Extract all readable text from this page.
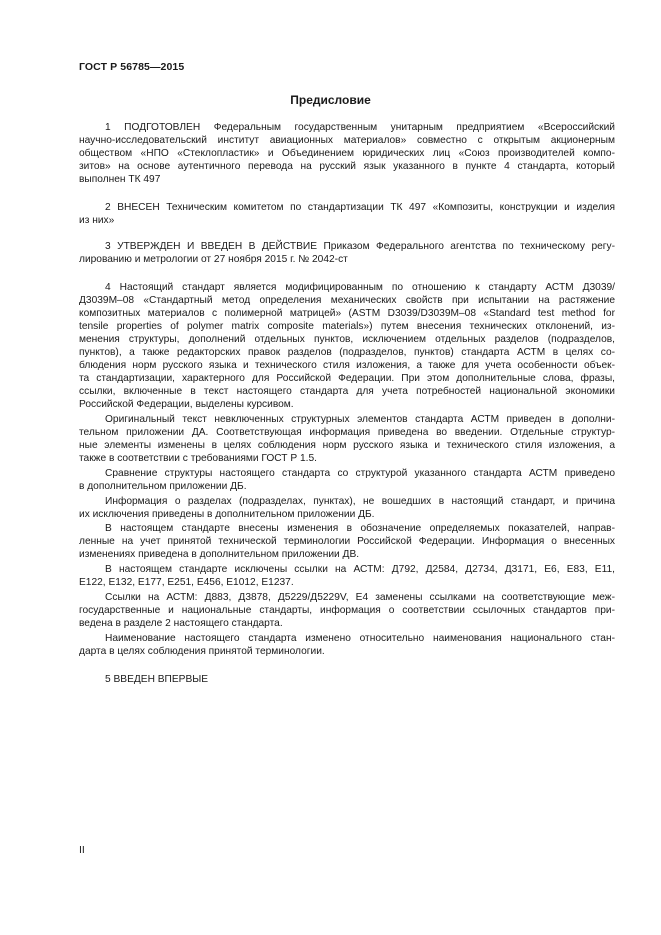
ГОСТ Р 56785—2015
Предисловие
1 ПОДГОТОВЛЕН Федеральным государственным унитарным предприятием «Всероссийский
научно-исследовательский институт авиационных материалов» совместно с открытым акционерным
обществом «НПО «Стеклопластик» и Объединением юридических лиц «Союз производителей компо-
зитов» на основе аутентичного перевода на русский язык указанного в пункте 4 стандарта, который
выполнен ТК 497
2 ВНЕСЕН Техническим комитетом по стандартизации ТК 497 «Композиты, конструкции и изделия
из них»
3 УТВЕРЖДЕН И ВВЕДЕН В ДЕЙСТВИЕ Приказом Федерального агентства по техническому регу-
лированию и метрологии от 27 ноября 2015 г. № 2042-ст
4 Настоящий стандарт является модифицированным по отношению к стандарту АСТМ Д3039/
Д3039М–08 «Стандартный метод определения механических свойств при испытании на растяжение
композитных материалов с полимерной матрицей» (ASTM D3039/D3039M–08 «Standard test method for
tensile properties of polymer matrix composite materials») путем внесения технических отклонений, из-
менения структуры, дополнений отдельных пунктов, исключением отдельных разделов (подразделов,
пунктов), а также редакторских правок разделов (подразделов, пунктов) стандарта АСТМ в целях со-
блюдения норм русского языка и технического стиля изложения, а также для учета особенности объек-
та стандартизации, характерного для Российской Федерации. При этом дополнительные слова, фразы,
ссылки, включенные в текст настоящего стандарта для учета потребностей национальной экономики
Российской Федерации, выделены курсивом.
Оригинальный текст невключенных структурных элементов стандарта АСТМ приведен в дополни-
тельном приложении ДА. Соответствующая информация приведена во введении. Отдельные структур-
ные элементы изменены в целях соблюдения норм русского языка и технического стиля изложения, а
также в соответствии с требованиями ГОСТ Р 1.5.
Сравнение структуры настоящего стандарта со структурой указанного стандарта АСТМ приведено
в дополнительном приложении ДБ.
Информация о разделах (подразделах, пунктах), не вошедших в настоящий стандарт, и причина
их исключения приведены в дополнительном приложении ДБ.
В настоящем стандарте внесены изменения в обозначение определяемых показателей, направ-
ленные на учет принятой технической терминологии Российской Федерации. Информация о внесенных
изменениях приведена в дополнительном приложении ДВ.
В настоящем стандарте исключены ссылки на АСТМ: Д792, Д2584, Д2734, Д3171, Е6, Е83, Е11,
Е122, Е132, Е177, Е251, Е456, Е1012, Е1237.
Ссылки на АСТМ: Д883, Д3878, Д5229/Д5229V, Е4 заменены ссылками на соответствующие меж-
государственные и национальные стандарты, информация о соответствии ссылочных стандартов при-
ведена в разделе 2 настоящего стандарта.
Наименование настоящего стандарта изменено относительно наименования национального стан-
дарта в целях соблюдения принятой терминологии.
5 ВВЕДЕН ВПЕРВЫЕ
II
